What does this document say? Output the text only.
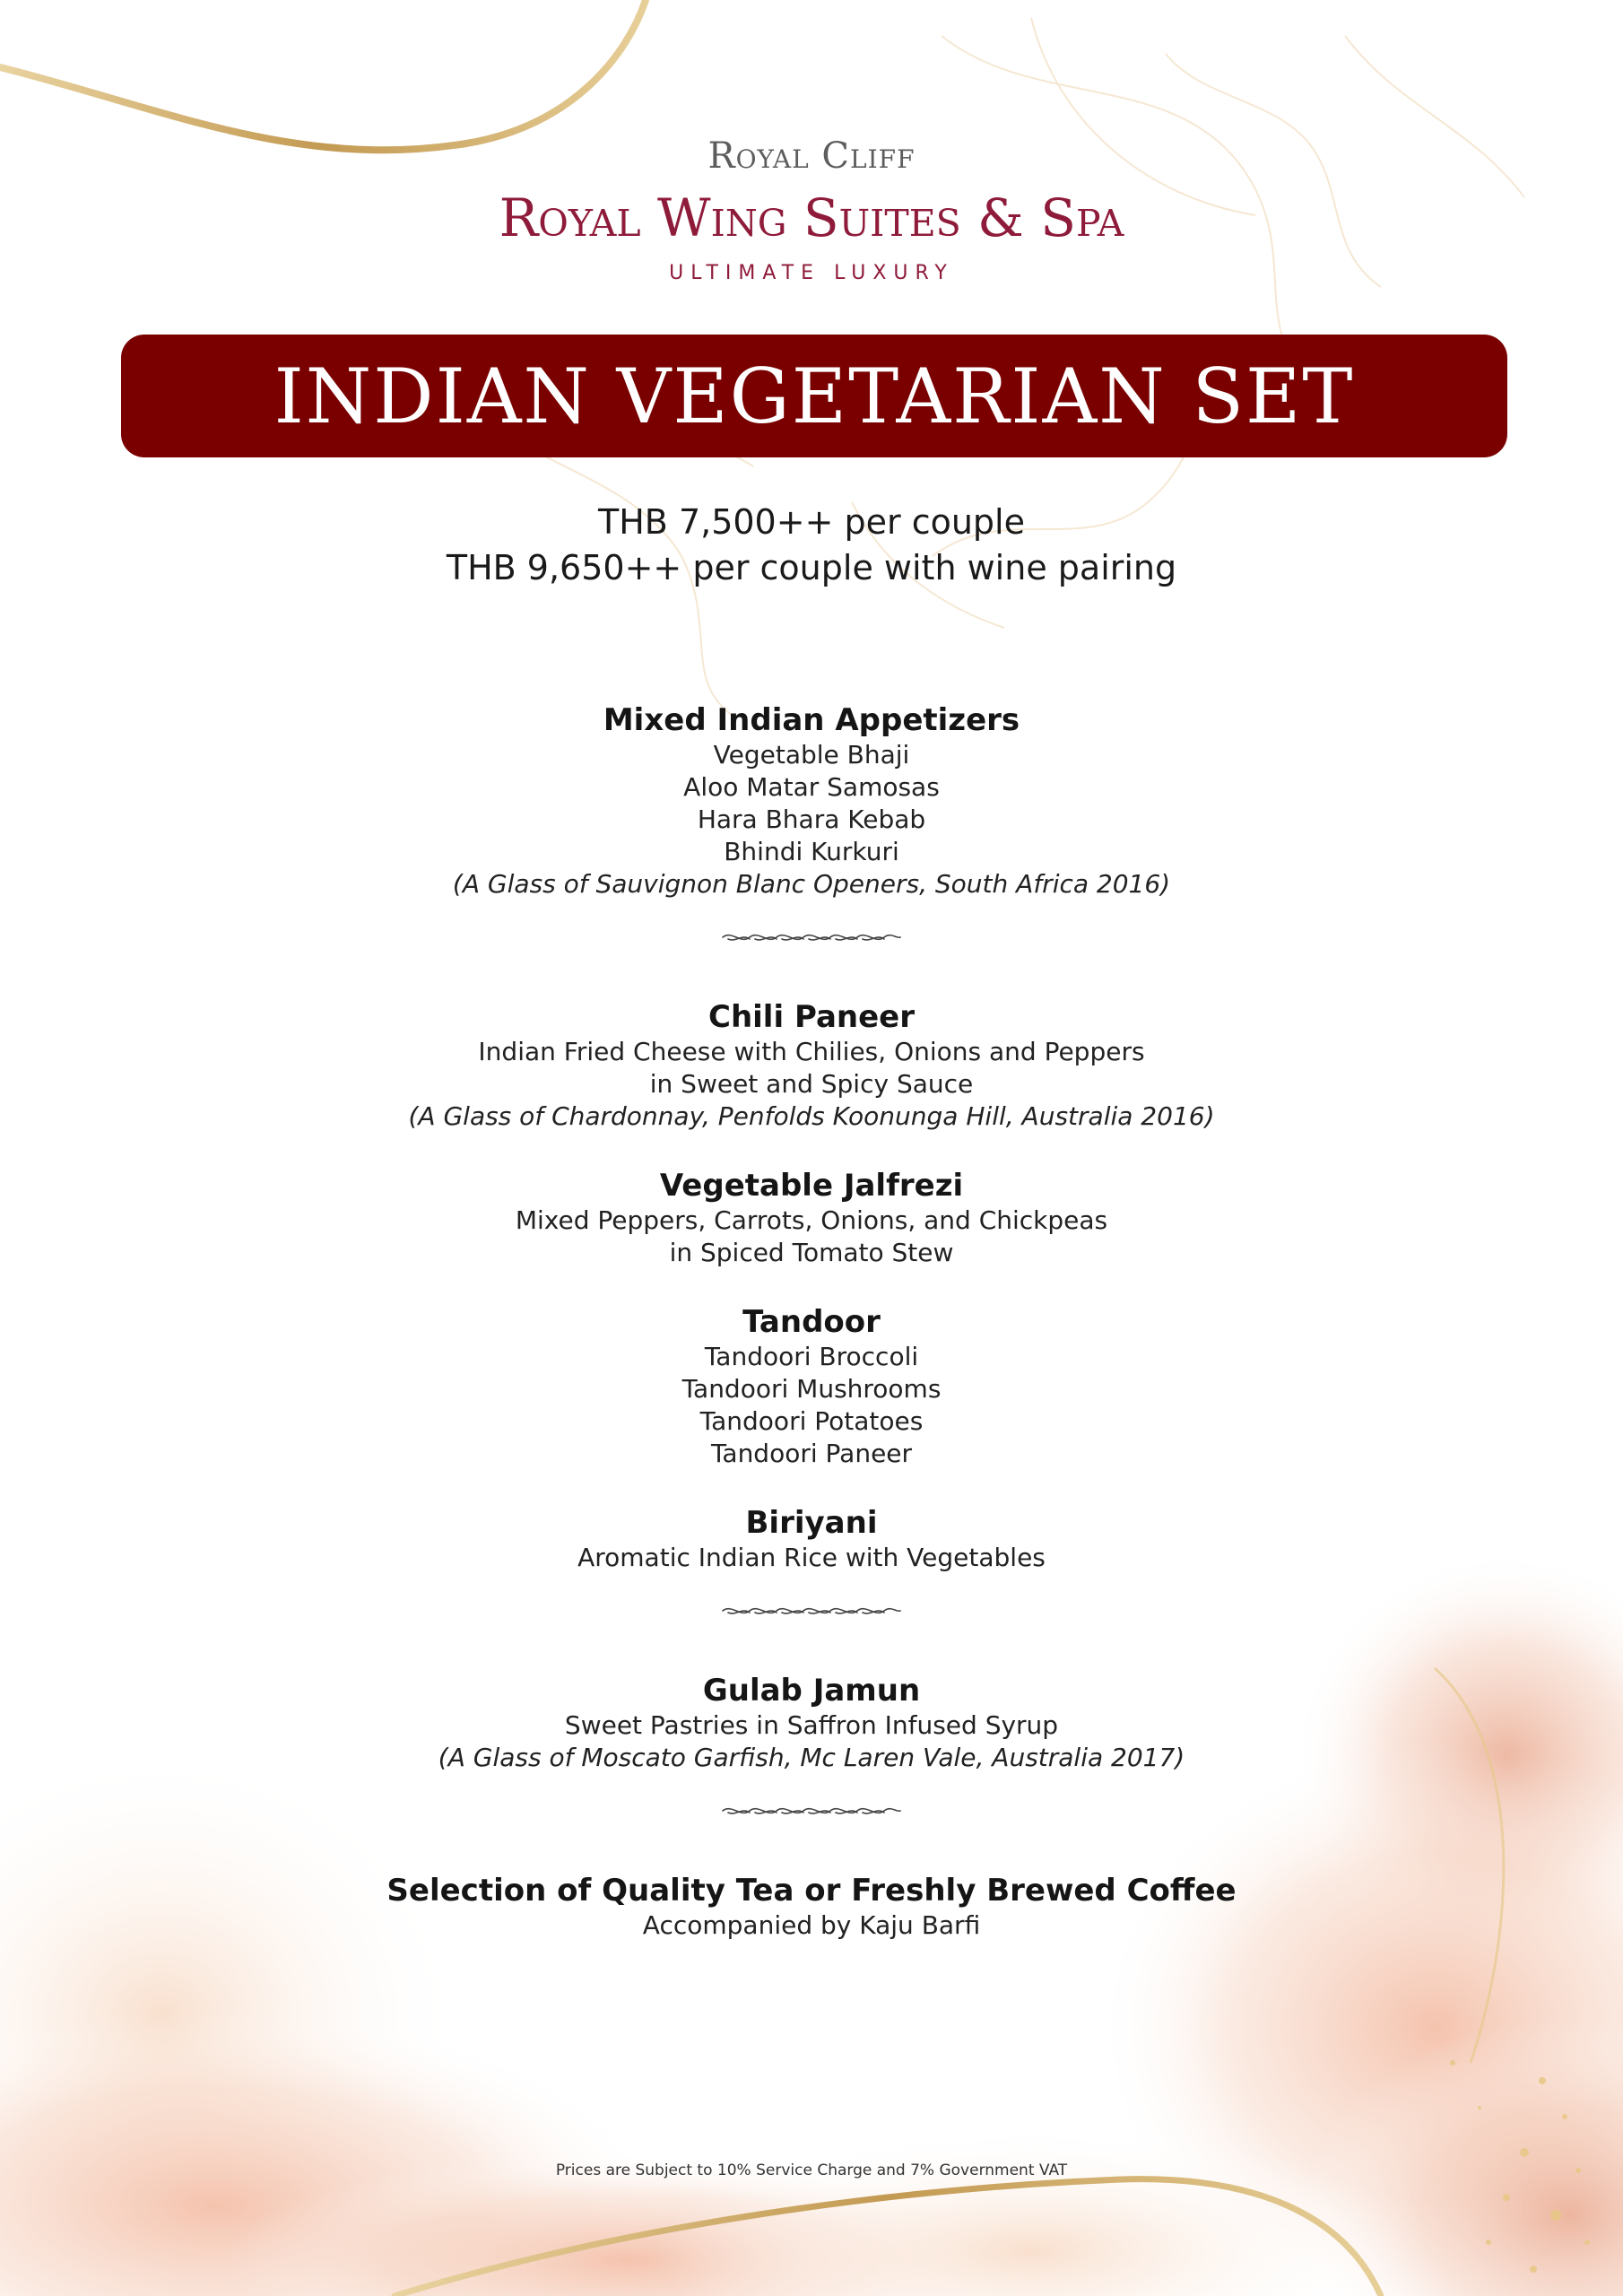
Royal Cliff
Royal Wing Suites & Spa
ULTIMATE LUXURY
INDIAN VEGETARIAN SET
THB 7,500++ per couple
THB 9,650++ per couple with wine pairing
Mixed Indian Appetizers
Vegetable Bhaji
Aloo Matar Samosas
Hara Bhara Kebab
Bhindi Kurkuri
(A Glass of Sauvignon Blanc Openers, South Africa 2016)
Chili Paneer
Indian Fried Cheese with Chilies, Onions and Peppers
in Sweet and Spicy Sauce
(A Glass of Chardonnay, Penfolds Koonunga Hill, Australia 2016)
Vegetable Jalfrezi
Mixed Peppers, Carrots, Onions, and Chickpeas
in Spiced Tomato Stew
Tandoor
Tandoori Broccoli
Tandoori Mushrooms
Tandoori Potatoes
Tandoori Paneer
Biriyani
Aromatic Indian Rice with Vegetables
Gulab Jamun
Sweet Pastries in Saffron Infused Syrup
(A Glass of Moscato Garfish, Mc Laren Vale, Australia 2017)
Selection of Quality Tea or Freshly Brewed Coffee
Accompanied by Kaju Barfi
Prices are Subject to 10% Service Charge and 7% Government VAT
